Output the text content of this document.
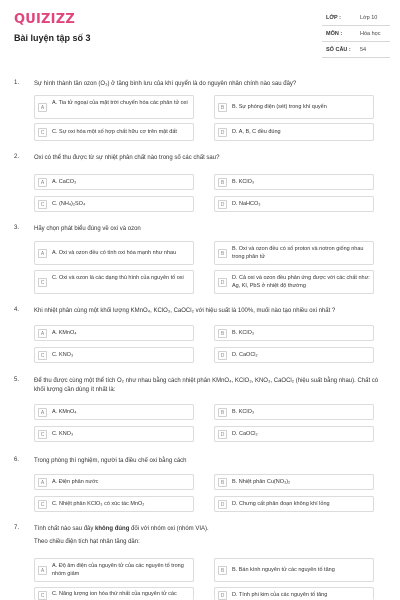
QUIZIZZ
Bài luyện tập số 3
LỚP :	Lớp 10
MÔN :	Hóa học
SỐ CÂU : 54
1. Sự hình thành tần ozon (O₃) ở tầng bình lưu của khí quyển là do nguyên nhân chính nào sau đây?
A
A. Tia tử ngoại của mặt trời chuyển hóa các phân tử oxi
B	B. Sự phóng điện (sét) trong khí quyển
C	C. Sự oxi hóa một số hợp chất hữu cơ trên mặt đất	D	D. A, B, C đều đúng
2. Oxi có thể thu được từ sự nhiệt phân chất nào trong số các chất sau?
A	A. CaCO₃	B	B. KClO₃
C	C. (NH₄)₂SO₄	D	D. NaHCO₃
3. Hãy chọn phát biểu đúng về oxi và ozon
A	A. Oxi và ozon đều có tính oxi hóa mạnh như nhau	B
B. Oxi và ozon đều có số proton và notron giống nhau trong phân tử
C
C. Oxi và ozon là các dạng thù hình của nguyên tố oxi
D
D. Cả oxi và ozon đều phản ứng được với các chất như: Ag, Kl, PbS ở nhiệt độ thường
4. Khi nhiệt phân cùng một khối lượng KMnO₄, KClO₃, CaOCl₂ với hiệu suất là 100%, muối nào tạo nhiều oxi nhất ?
A	A. KMnO₄	B	B. KClO₃
C	C. KNO₃	D	D. CaOCl₂
5. Để thu được cùng một thể tích O₂ như nhau bằng cách nhiệt phân KMnO₄, KClO₃, KNO₃, CaOCl₂ (hiệu suất bằng nhau). Chất có khối lượng cần dùng ít nhất là:
A	A. KMnO₄	B	B. KClO₃
C	C. KNO₃	D	D. CaOCl₂
6. Trong phòng thí nghiệm, người ta điều chế oxi bằng cách
A	A. Điện phân nước	B	B. Nhiệt phân Cu(NO₃)₂
C	C. Nhiệt phân KClO₃ có xúc tác MnO₂	D	D. Chưng cất phân đoạn không khí lỏng
7. Tính chất nào sau đây không đúng đối với nhóm oxi (nhóm VIA).
Theo chiều điện tích hạt nhân tăng dần:
A
A. Độ âm điện của nguyên tử của các nguyên tố trong nhóm giảm	B	B. Bán kính nguyên tử các nguyên tố tăng
C	C. Năng lượng ion hóa thứ nhất của nguyên tử các	D	D. Tính phi kim của các nguyên tố tăng
